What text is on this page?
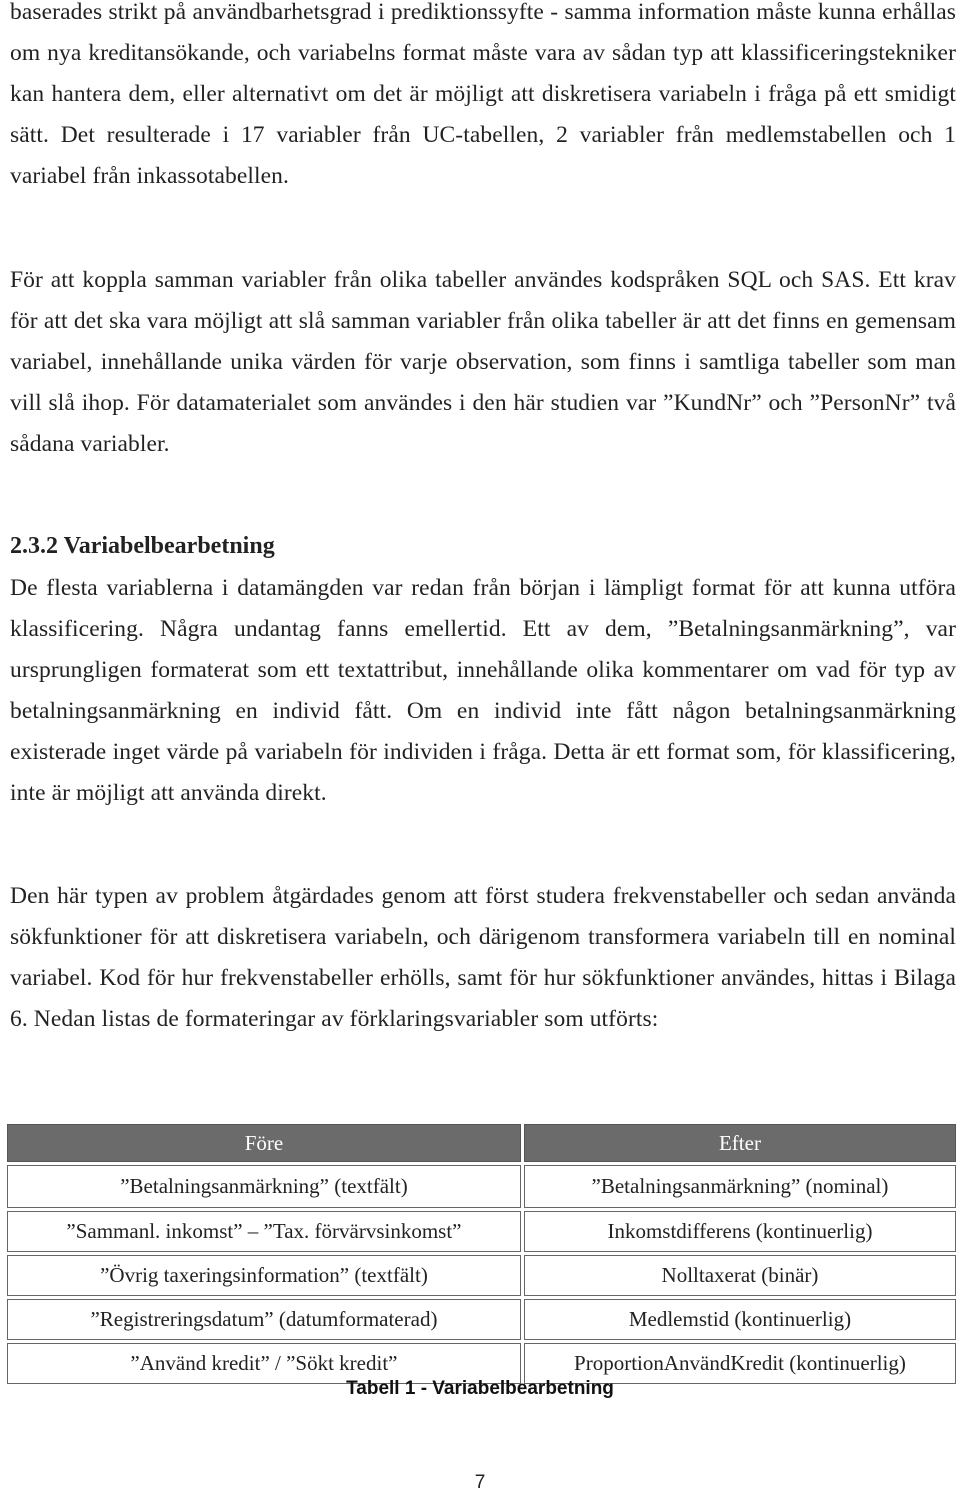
baserades strikt på användbarhetsgrad i prediktionssyfte - samma information måste kunna erhållas om nya kreditansökande, och variabelns format måste vara av sådan typ att klassificeringstekniker kan hantera dem, eller alternativt om det är möjligt att diskretisera variabeln i fråga på ett smidigt sätt. Det resulterade i 17 variabler från UC-tabellen, 2 variabler från medlemstabellen och 1 variabel från inkassotabellen.

För att koppla samman variabler från olika tabeller användes kodspråken SQL och SAS. Ett krav för att det ska vara möjligt att slå samman variabler från olika tabeller är att det finns en gemensam variabel, innehållande unika värden för varje observation, som finns i samtliga tabeller som man vill slå ihop. För datamaterialet som användes i den här studien var ”KundNr” och ”PersonNr” två sådana variabler.

2.3.2 Variabelbearbetning

De flesta variablerna i datamängden var redan från början i lämpligt format för att kunna utföra klassificering. Några undantag fanns emellertid. Ett av dem, ”Betalningsanmärkning”, var ursprungligen formaterat som ett textattribut, innehållande olika kommentarer om vad för typ av betalningsanmärkning en individ fått. Om en individ inte fått någon betalningsanmärkning existerade inget värde på variabeln för individen i fråga. Detta är ett format som, för klassificering, inte är möjligt att använda direkt.

Den här typen av problem åtgärdades genom att först studera frekvenstabeller och sedan använda sökfunktioner för att diskretisera variabeln, och därigenom transformera variabeln till en nominal variabel. Kod för hur frekvenstabeller erhölls, samt för hur sökfunktioner användes, hittas i Bilaga 6. Nedan listas de formateringar av förklaringsvariabler som utförts:

Före	Efter
”Betalningsanmärkning” (textfält)	”Betalningsanmärkning” (nominal)
”Sammanl. inkomst” – ”Tax. förvärvsinkomst”	Inkomstdifferens (kontinuerlig)
”Övrig taxeringsinformation” (textfält)	Nolltaxerat (binär)
”Registreringsdatum” (datumformaterad)	Medlemstid (kontinuerlig)
”Använd kredit” / ”Sökt kredit”	ProportionAnvändKredit (kontinuerlig)
Tabell 1 - Variabelbearbetning
7
